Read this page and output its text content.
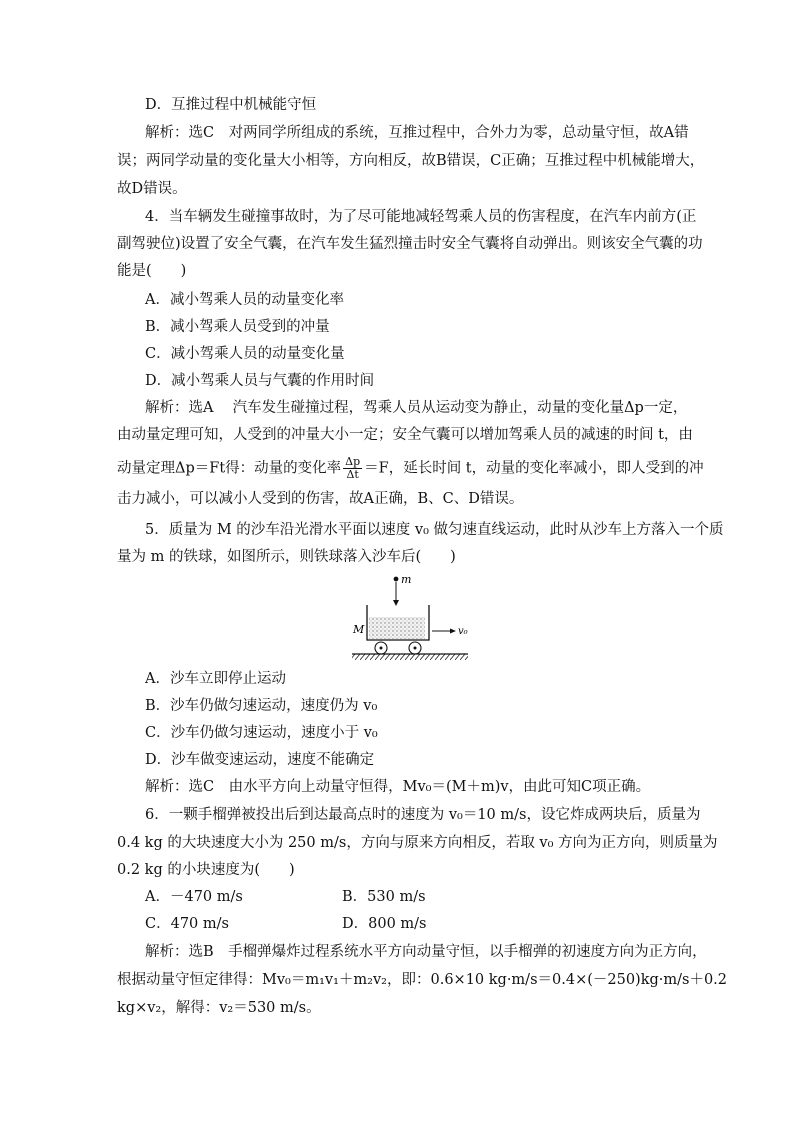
D．互推过程中机械能守恒
解析：选C　对两同学所组成的系统，互推过程中，合外力为零，总动量守恒，故A错
误；两同学动量的变化量大小相等，方向相反，故B错误，C正确；互推过程中机械能增大，
故D错误。
4．当车辆发生碰撞事故时，为了尽可能地减轻驾乘人员的伤害程度，在汽车内前方(正
副驾驶位)设置了安全气囊，在汽车发生猛烈撞击时安全气囊将自动弹出。则该安全气囊的功
能是(　　)
A．减小驾乘人员的动量变化率
B．减小驾乘人员受到的冲量
C．减小驾乘人员的动量变化量
D．减小驾乘人员与气囊的作用时间
解析：选A　 汽车发生碰撞过程，驾乘人员从运动变为静止，动量的变化量Δp一定，
由动量定理可知，人受到的冲量大小一定；安全气囊可以增加驾乘人员的减速的时间 t，由
动量定理Δp＝Ft得：动量的变化率 $\frac{\Delta p}{\Delta t} =F$，延长时间 t，动量的变化率减小，即人受到的冲
击力减小，可以减小人受到的伤害，故A正确，B、C、D错误。
5．质量为 M 的沙车沿光滑水平面以速度 v₀ 做匀速直线运动，此时从沙车上方落入一个质
量为 m 的铁球，如图所示，则铁球落入沙车后(　　)
m
M	v₀
A．沙车立即停止运动
B．沙车仍做匀速运动，速度仍为 v₀
C．沙车仍做匀速运动，速度小于 v₀
D．沙车做变速运动，速度不能确定
解析：选C　由水平方向上动量守恒得，Mv₀＝(M＋m)v，由此可知C项正确。
6．一颗手榴弹被投出后到达最高点时的速度为 v₀＝10 m/s，设它炸成两块后，质量为
0.4 kg 的大块速度大小为 250 m/s，方向与原来方向相反，若取 v₀ 方向为正方向，则质量为
0.2 kg 的小块速度为(　　)
A．－470 m/s	B．530 m/s
C．470 m/s	D．800 m/s
解析：选B　手榴弹爆炸过程系统水平方向动量守恒，以手榴弹的初速度方向为正方向，
根据动量守恒定律得：Mv₀＝m₁v₁＋m₂v₂，即：0.6×10 kg·m/s＝0.4×(－250)kg·m/s＋0.2
kg×v₂，解得：v₂＝530 m/s。
